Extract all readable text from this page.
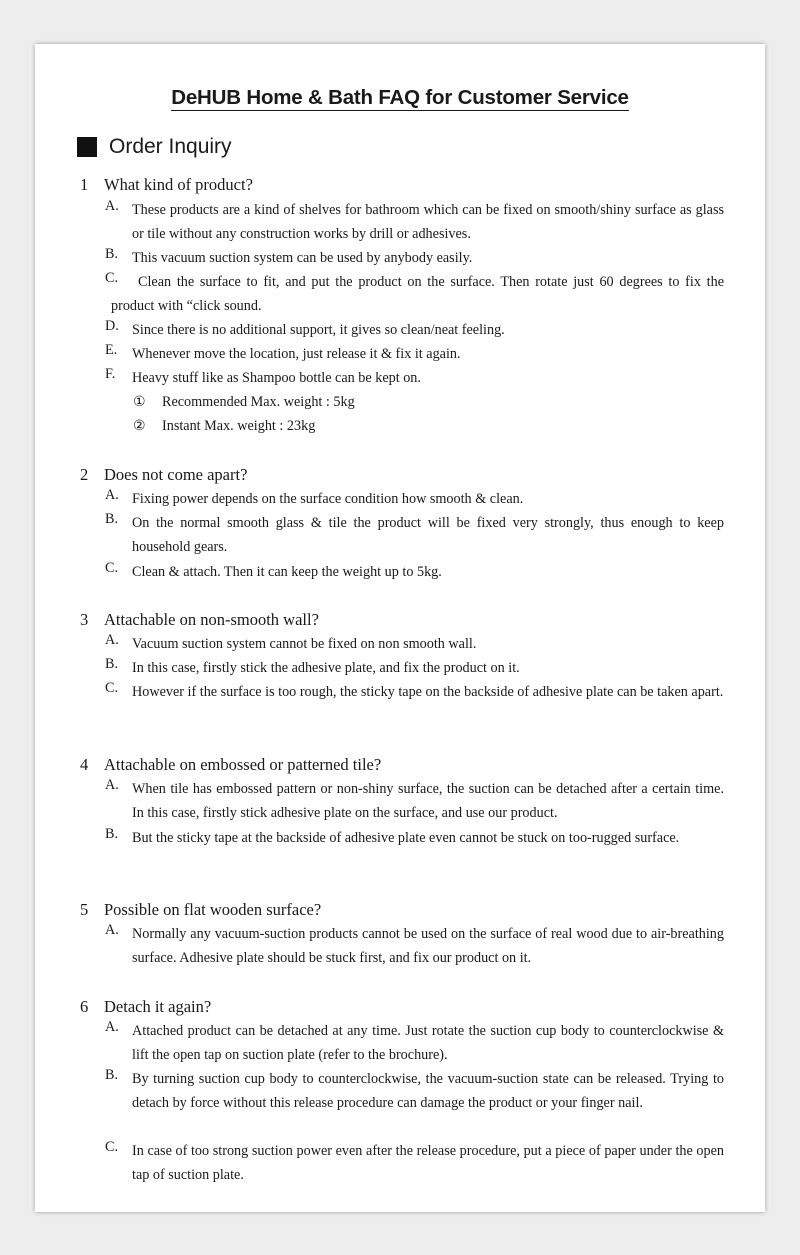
DeHUB Home & Bath FAQ for Customer Service
Order Inquiry
1 What kind of product?
A. These products are a kind of shelves for bathroom which can be fixed on smooth/shiny surface as glass or tile without any construction works by drill or adhesives.
B. This vacuum suction system can be used by anybody easily.
C.	Clean the surface to fit, and put the product on the surface. Then rotate just 60 degrees to fix the product with “click sound.
D. Since there is no additional support, it gives so clean/neat feeling.
E. Whenever move the location, just release it & fix it again.
F. Heavy stuff like as Shampoo bottle can be kept on.
① Recommended Max. weight : 5kg
② Instant Max. weight : 23kg
2 Does not come apart?
A. Fixing power depends on the surface condition how smooth & clean.
B. On the normal smooth glass & tile the product will be fixed very strongly, thus enough to keep household gears.
C. Clean & attach. Then it can keep the weight up to 5kg.
3 Attachable on non-smooth wall?
A. Vacuum suction system cannot be fixed on non smooth wall.
B. In this case, firstly stick the adhesive plate, and fix the product on it.
C. However if the surface is too rough, the sticky tape on the backside of adhesive plate can be taken apart.
4 Attachable on embossed or patterned tile?
A. When tile has embossed pattern or non-shiny surface, the suction can be detached after a certain time. In this case, firstly stick adhesive plate on the surface, and use our product.
B. But the sticky tape at the backside of adhesive plate even cannot be stuck on too-rugged surface.
5 Possible on flat wooden surface?
A. Normally any vacuum-suction products cannot be used on the surface of real wood due to air-breathing surface. Adhesive plate should be stuck first, and fix our product on it.
6 Detach it again?
A. Attached product can be detached at any time. Just rotate the suction cup body to counterclockwise & lift the open tap on suction plate (refer to the brochure).
B. By turning suction cup body to counterclockwise, the vacuum-suction state can be released. Trying to detach by force without this release procedure can damage the product or your finger nail.
C. In case of too strong suction power even after the release procedure, put a piece of paper under the open tap of suction plate.
